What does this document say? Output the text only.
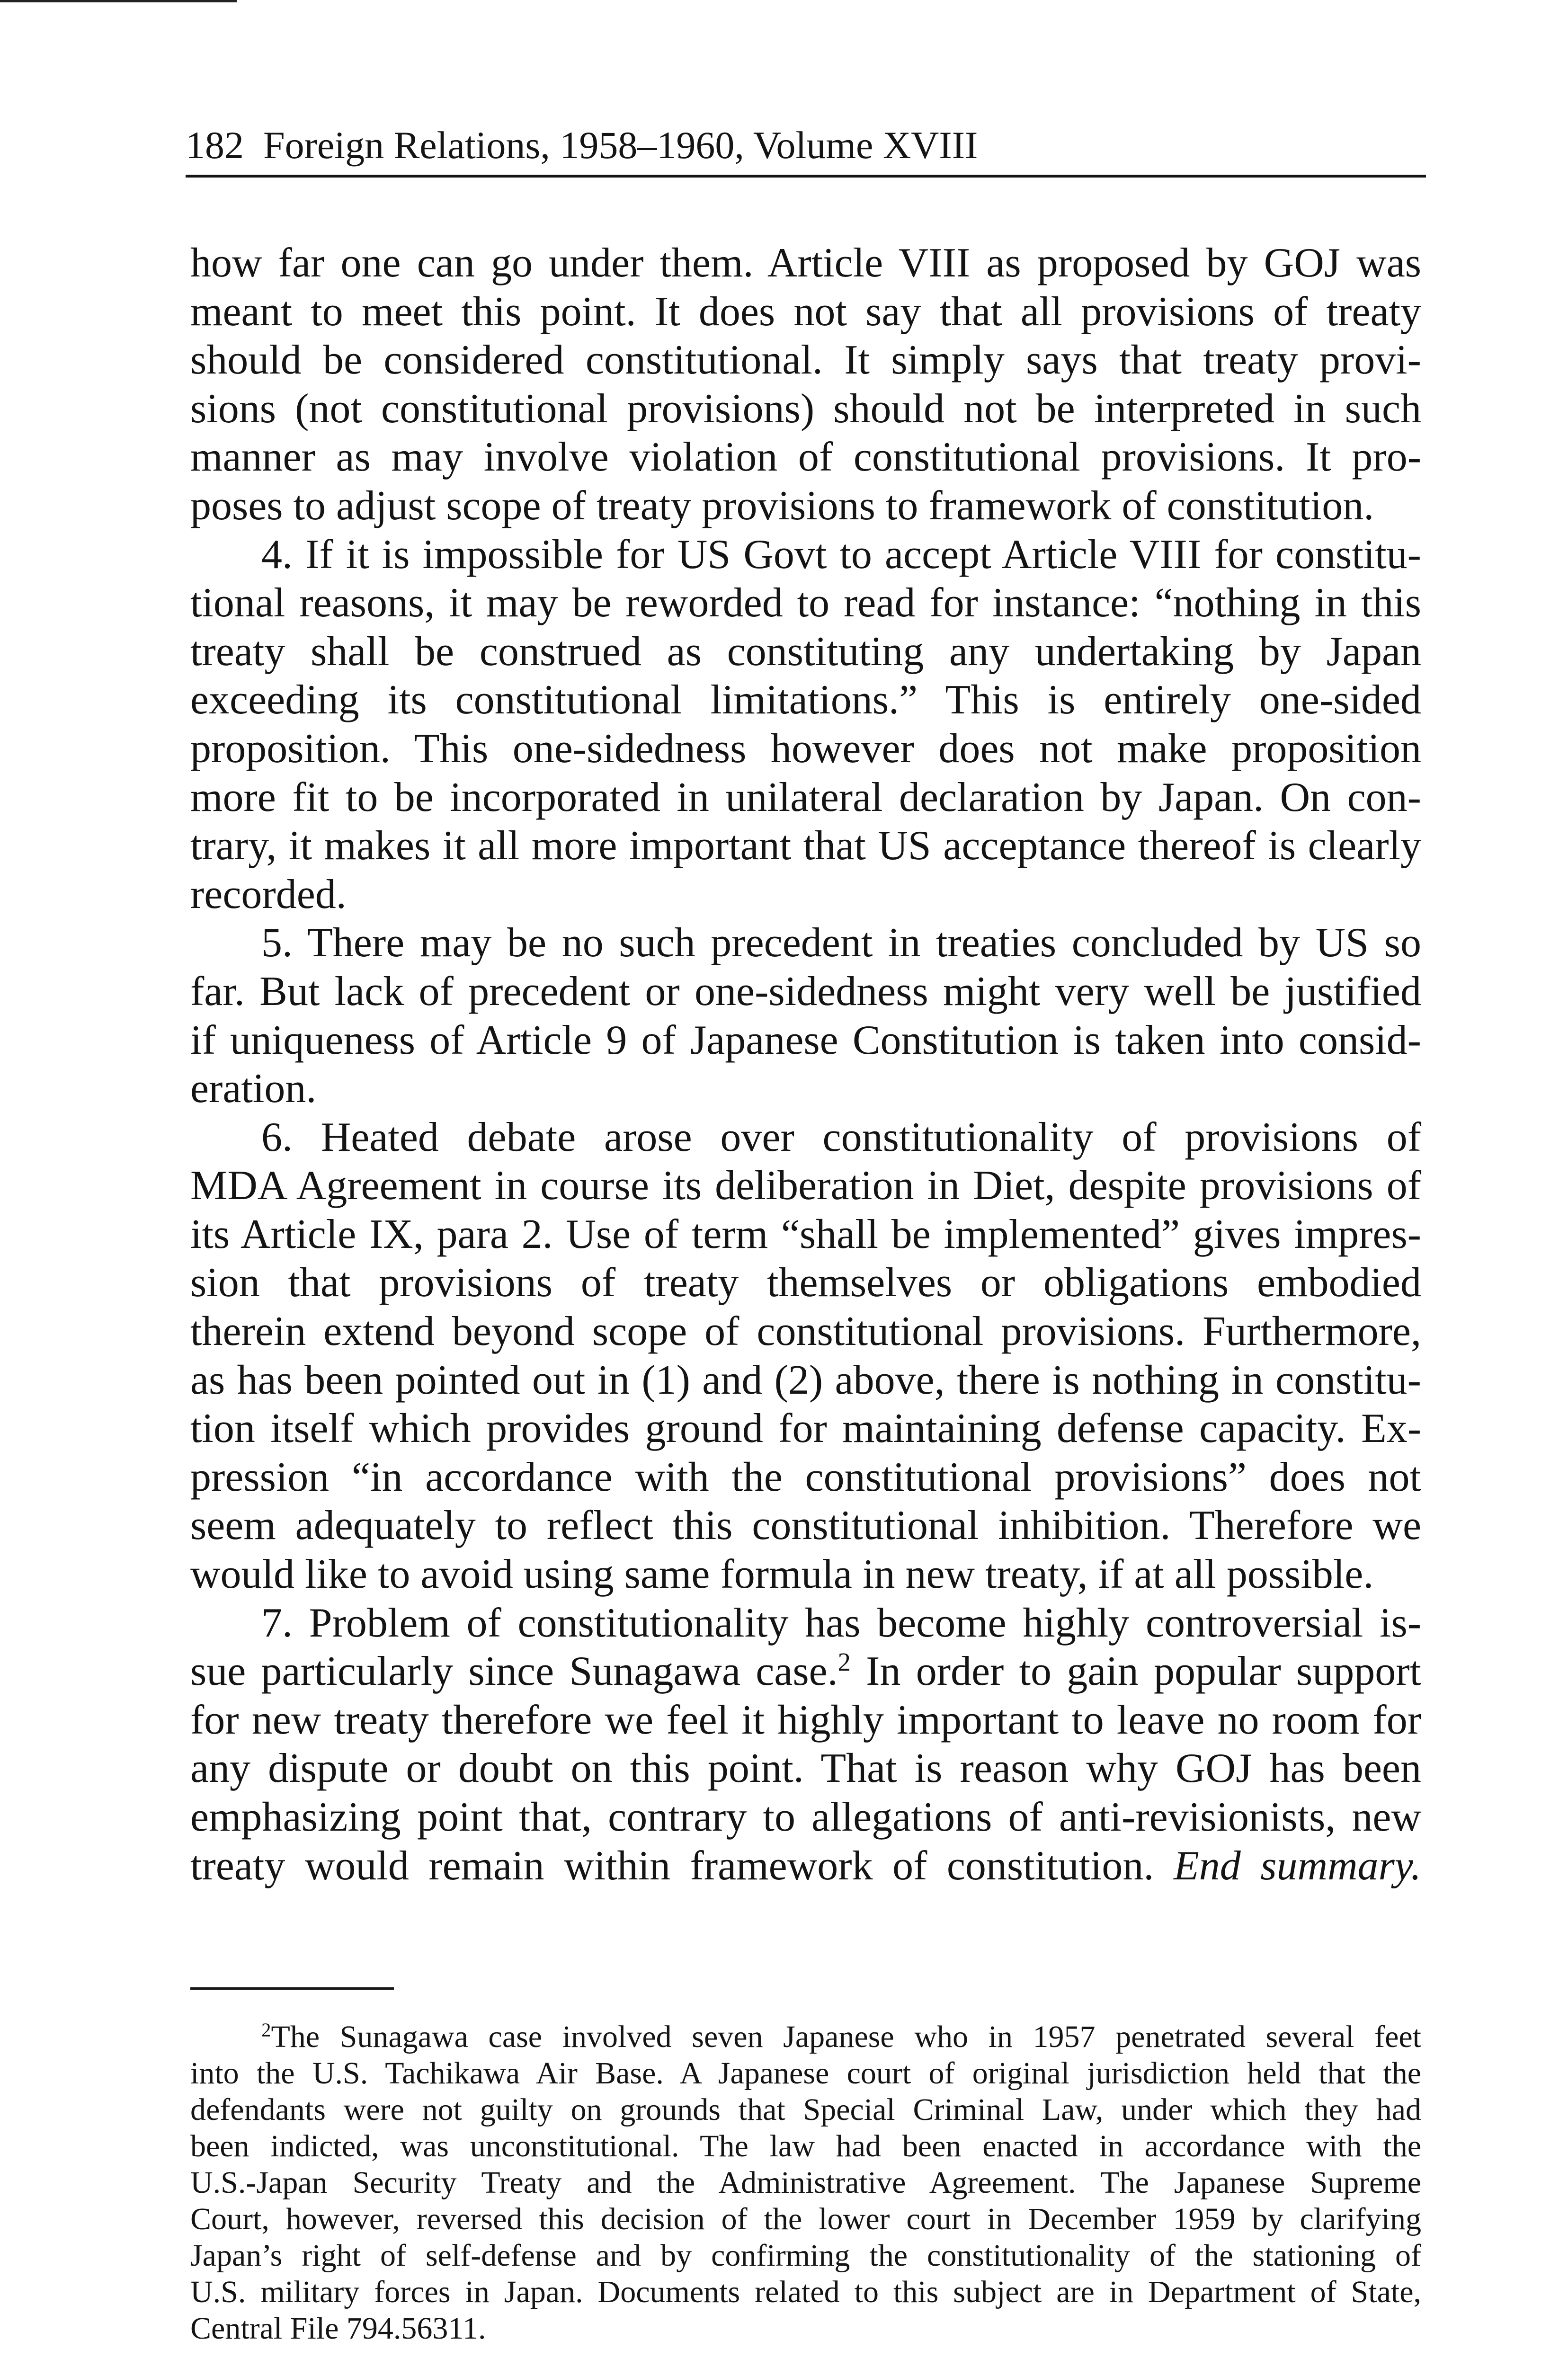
182 Foreign Relations, 1958–1960, Volume XVIII
how far one can go under them. Article VIII as proposed by GOJ was
meant to meet this point. It does not say that all provisions of treaty
should be considered constitutional. It simply says that treaty provi-
sions (not constitutional provisions) should not be interpreted in such
manner as may involve violation of constitutional provisions. It pro-
poses to adjust scope of treaty provisions to framework of constitution.
4. If it is impossible for US Govt to accept Article VIII for constitu-
tional reasons, it may be reworded to read for instance: “nothing in this
treaty shall be construed as constituting any undertaking by Japan
exceeding its constitutional limitations.” This is entirely one-sided
proposition. This one-sidedness however does not make proposition
more fit to be incorporated in unilateral declaration by Japan. On con-
trary, it makes it all more important that US acceptance thereof is clearly
recorded.
5. There may be no such precedent in treaties concluded by US so
far. But lack of precedent or one-sidedness might very well be justified
if uniqueness of Article 9 of Japanese Constitution is taken into consid-
eration.
6. Heated debate arose over constitutionality of provisions of
MDA Agreement in course its deliberation in Diet, despite provisions of
its Article IX, para 2. Use of term “shall be implemented” gives impres-
sion that provisions of treaty themselves or obligations embodied
therein extend beyond scope of constitutional provisions. Furthermore,
as has been pointed out in (1) and (2) above, there is nothing in constitu-
tion itself which provides ground for maintaining defense capacity. Ex-
pression “in accordance with the constitutional provisions” does not
seem adequately to reflect this constitutional inhibition. Therefore we
would like to avoid using same formula in new treaty, if at all possible.
7. Problem of constitutionality has become highly controversial is-
sue particularly since Sunagawa case.$^2$ In order to gain popular support
for new treaty therefore we feel it highly important to leave no room for
any dispute or doubt on this point. That is reason why GOJ has been
emphasizing point that, contrary to allegations of anti-revisionists, new
treaty would remain within framework of constitution. End summary.
$^2$The Sunagawa case involved seven Japanese who in 1957 penetrated several feet
into the U.S. Tachikawa Air Base. A Japanese court of original jurisdiction held that the
defendants were not guilty on grounds that Special Criminal Law, under which they had
been indicted, was unconstitutional. The law had been enacted in accordance with the
U.S.-Japan Security Treaty and the Administrative Agreement. The Japanese Supreme
Court, however, reversed this decision of the lower court in December 1959 by clarifying
Japan’s right of self-defense and by confirming the constitutionality of the stationing of
U.S. military forces in Japan. Documents related to this subject are in Department of State,
Central File 794.56311.
